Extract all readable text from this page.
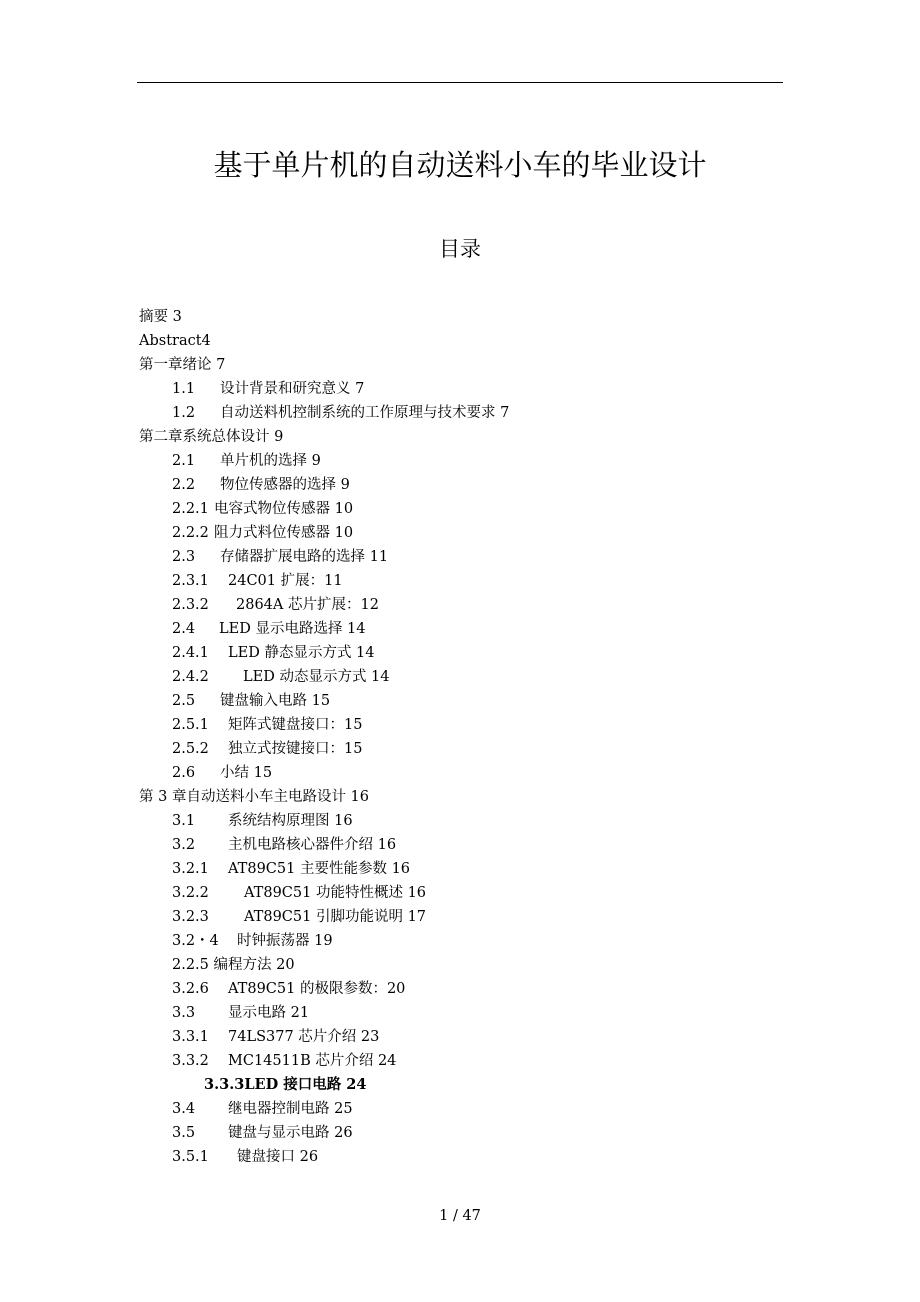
基于单片机的自动送料小车的毕业设计
目录
摘要 3
Abstract4
第一章绪论 7
1.1 设计背景和研究意义 7
1.2 自动送料机控制系统的工作原理与技术要求 7
第二章系统总体设计 9
2.1 单片机的选择 9
2.2 物位传感器的选择 9
2.2.1 电容式物位传感器 10
2.2.2 阻力式料位传感器 10
2.3 存储器扩展电路的选择 11
2.3.1 24C01 扩展：11
2.3.2 2864A 芯片扩展：12
2.4 LED 显示电路选择 14
2.4.1 LED 静态显示方式 14
2.4.2 LED 动态显示方式 14
2.5 键盘输入电路 15
2.5.1 矩阵式键盘接口：15
2.5.2 独立式按键接口：15
2.6 小结 15
第 3 章自动送料小车主电路设计 16
3.1 系统结构原理图 16
3.2 主机电路核心器件介绍 16
3.2.1 AT89C51 主要性能参数 16
3.2.2 AT89C51 功能特性概述 16
3.2.3 AT89C51 引脚功能说明 17
3.2・4 时钟振荡器 19
2.2.5 编程方法 20
3.2.6 AT89C51 的极限参数：20
3.3 显示电路 21
3.3.1 74LS377 芯片介绍 23
3.3.2 MC14511B 芯片介绍 24
3.3.3LED 接口电路 24
3.4 继电器控制电路 25
3.5 键盘与显示电路 26
3.5.1 键盘接口 26
1 / 47
